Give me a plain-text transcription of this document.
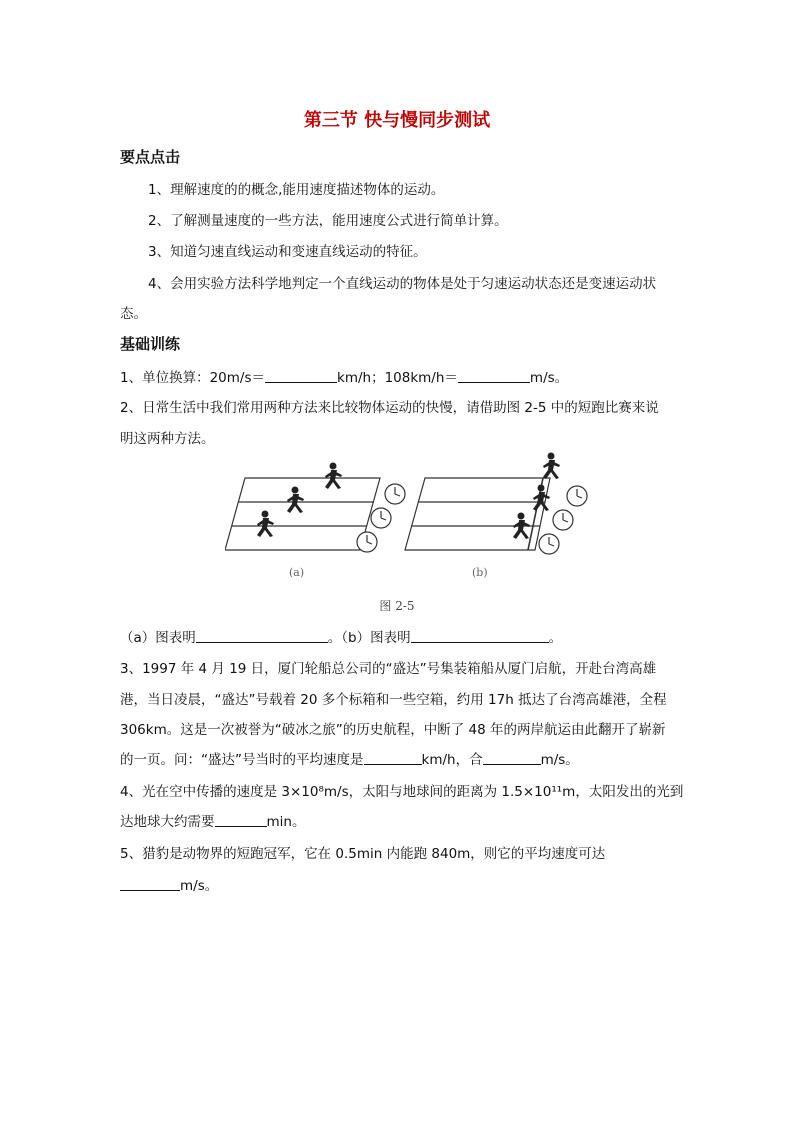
第三节 快与慢同步测试
要点点击
1、理解速度的的概念,能用速度描述物体的运动。
2、了解测量速度的一些方法，能用速度公式进行简单计算。
3、知道匀速直线运动和变速直线运动的特征。
4、会用实验方法科学地判定一个直线运动的物体是处于匀速运动状态还是变速运动状
态。
基础训练
1、单位换算：20m/s＝	km/h；108km/h＝	m/s。
2、日常生活中我们常用两种方法来比较物体运动的快慢，请借助图 2-5 中的短跑比赛来说
明这两种方法。
(a)	(b)
图 2-5
（a）图表明	。（b）图表明	。
3、1997 年 4 月 19 日，厦门轮船总公司的“盛达”号集装箱船从厦门启航，开赴台湾高雄
港，当日凌晨，“盛达”号载着 20 多个标箱和一些空箱，约用 17h 抵达了台湾高雄港，全程
306km。这是一次被誉为“破冰之旅”的历史航程，中断了 48 年的两岸航运由此翻开了崭新
的一页。问：“盛达”号当时的平均速度是	km/h，合	m/s。
4、光在空中传播的速度是 3×10⁸m/s，太阳与地球间的距离为 1.5×10¹¹m，太阳发出的光到
达地球大约需要	min。
5、猎豹是动物界的短跑冠军，它在 0.5min 内能跑 840m，则它的平均速度可达
m/s。
